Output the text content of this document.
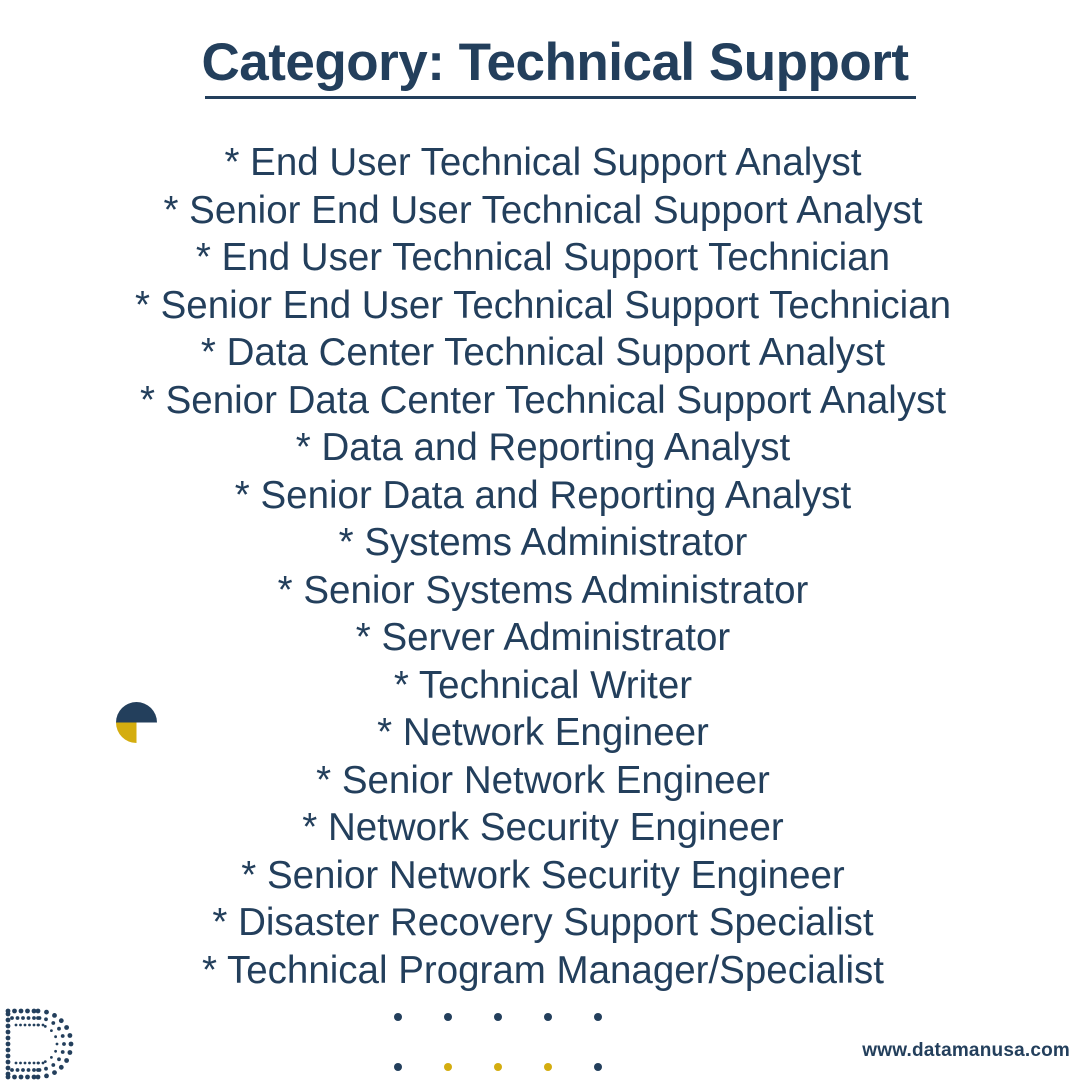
Category: Technical Support
* End User Technical Support Analyst
* Senior End User Technical Support Analyst
* End User Technical Support Technician
* Senior End User Technical Support Technician
* Data Center Technical Support Analyst
* Senior Data Center Technical Support Analyst
* Data and Reporting Analyst
* Senior Data and Reporting Analyst
* Systems Administrator
* Senior Systems Administrator
* Server Administrator
* Technical Writer
* Network Engineer
* Senior Network Engineer
* Network Security Engineer
* Senior Network Security Engineer
* Disaster Recovery Support Specialist
* Technical Program Manager/Specialist
www.datamanusa.com
